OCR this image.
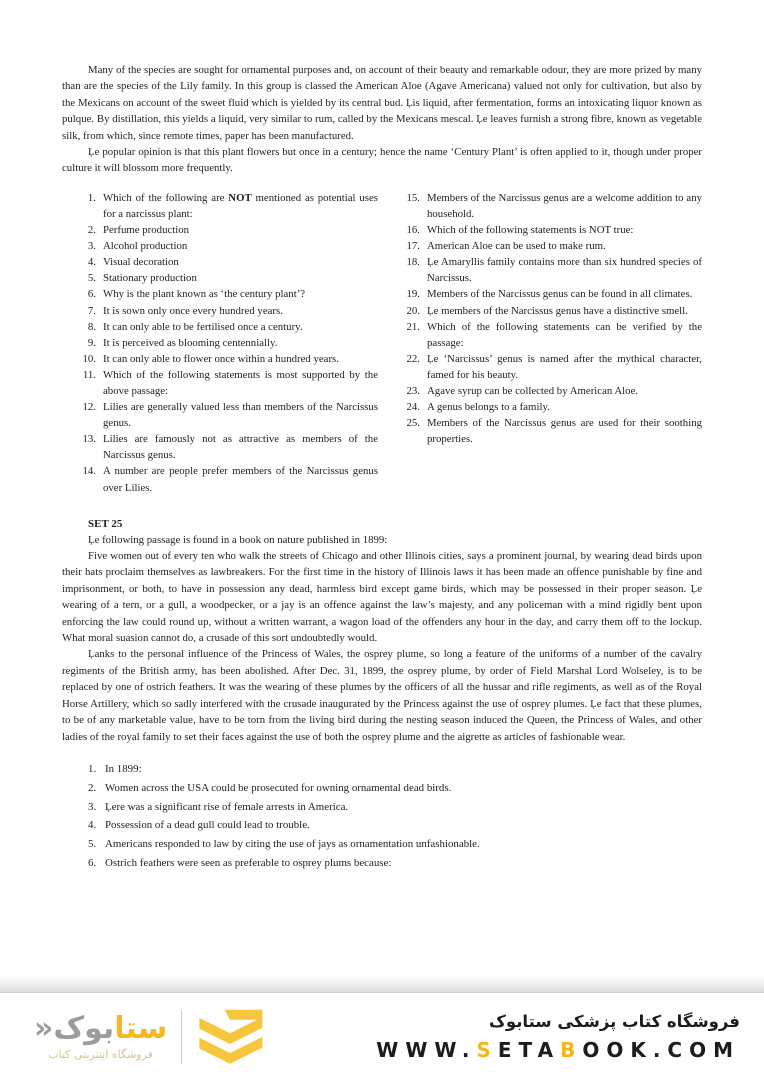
Many of the species are sought for ornamental purposes and, on account of their beauty and remarkable odour, they are more prized by many than are the species of the Lily family. In this group is classed the American Aloe (Agave Americana) valued not only for cultivation, but also by the Mexicans on account of the sweet fluid which is yielded by its central bud. Ļis liquid, after fermentation, forms an intoxicating liquor known as pulque. By distillation, this yields a liquid, very similar to rum, called by the Mexicans mescal. Ļe leaves furnish a strong fibre, known as vegetable silk, from which, since remote times, paper has been manufactured.

Ļe popular opinion is that this plant flowers but once in a century; hence the name ‘Century Plant’ is often applied to it, though under proper culture it will blossom more frequently.

1. Which of the following are NOT mentioned as potential uses for a narcissus plant:
2. Perfume production
3. Alcohol production
4. Visual decoration
5. Stationary production
6. Why is the plant known as ‘the century plant’?
7. It is sown only once every hundred years.
8. It can only able to be fertilised once a century.
9. It is perceived as blooming centennially.
10. It can only able to flower once within a hundred years.
11. Which of the following statements is most supported by the above passage:
12. Lilies are generally valued less than members of the Narcissus genus.
13. Lilies are famously not as attractive as members of the Narcissus genus.
14. A number are people prefer members of the Narcissus genus over Lilies.
15. Members of the Narcissus genus are a welcome addition to any household.
16. Which of the following statements is NOT true:
17. American Aloe can be used to make rum.
18. Ļe Amaryllis family contains more than six hundred species of Narcissus.
19. Members of the Narcissus genus can be found in all climates.
20. Ļe members of the Narcissus genus have a distinctive smell.
21. Which of the following statements can be verified by the passage:
22. Ļe ‘Narcissus’ genus is named after the mythical character, famed for his beauty.
23. Agave syrup can be collected by American Aloe.
24. A genus belongs to a family.
25. Members of the Narcissus genus are used for their soothing properties.
SET 25

Ļe following passage is found in a book on nature published in 1899:

Five women out of every ten who walk the streets of Chicago and other Illinois cities, says a prominent journal, by wearing dead birds upon their hats proclaim themselves as lawbreakers. For the first time in the history of Illinois laws it has been made an offence punishable by fine and imprisonment, or both, to have in possession any dead, harmless bird except game birds, which may be possessed in their proper season. Ļe wearing of a tern, or a gull, a woodpecker, or a jay is an offence against the law’s majesty, and any policeman with a mind rigidly bent upon enforcing the law could round up, without a written warrant, a wagon load of the offenders any hour in the day, and carry them off to the lockup. What moral suasion cannot do, a crusade of this sort undoubtedly would.

Ļanks to the personal influence of the Princess of Wales, the osprey plume, so long a feature of the uniforms of a number of the cavalry regiments of the British army, has been abolished. After Dec. 31, 1899, the osprey plume, by order of Field Marshal Lord Wolseley, is to be replaced by one of ostrich feathers. It was the wearing of these plumes by the officers of all the hussar and rifle regiments, as well as of the Royal Horse Artillery, which so sadly interfered with the crusade inaugurated by the Princess against the use of osprey plumes. Ļe fact that these plumes, to be of any marketable value, have to be torn from the living bird during the nesting season induced the Queen, the Princess of Wales, and other ladies of the royal family to set their faces against the use of both the osprey plume and the aigrette as articles of fashionable wear.

1. In 1899:
2. Women across the USA could be prosecuted for owning ornamental dead birds.
3. Ļere was a significant rise of female arrests in America.
4. Possession of a dead gull could lead to trouble.
5. Americans responded to law by citing the use of jays as ornamentation unfashionable.
6. Ostrich feathers were seen as preferable to osprey plums because:
ستابوک«
فروشگاه اینترنتی کتاب
فروشگاه کتاب پزشکی ستابوک
WWW.SETABOOK.COM
